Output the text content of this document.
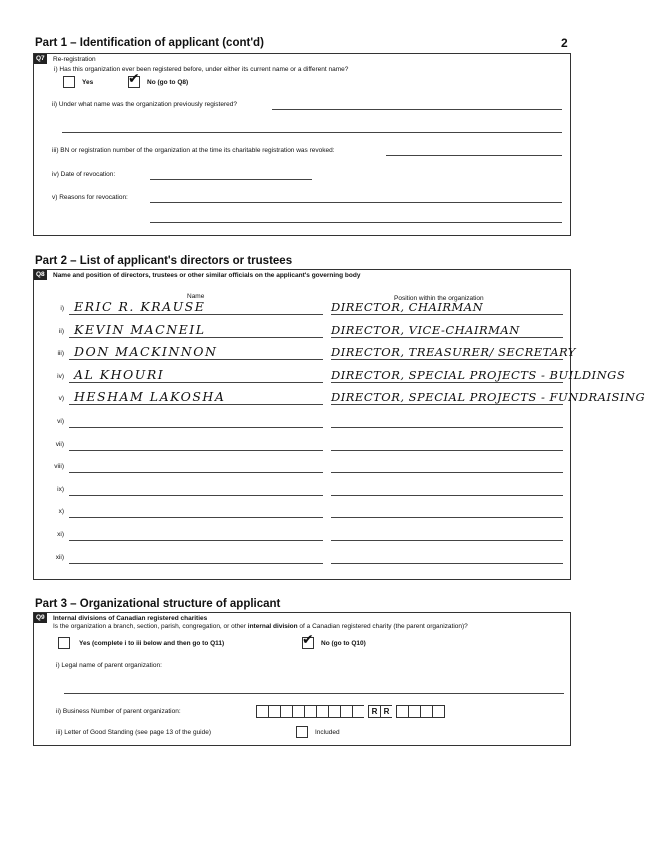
Part 1 – Identification of applicant (cont'd)	2
Q7	Re-registration
i) Has this organization ever been registered before, under either its current name or a different name?
Yes ✔ No (go to Q8)
ii) Under what name was the organization previously registered?
iii) BN or registration number of the organization at the time its charitable registration was revoked:
iv) Date of revocation:
v) Reasons for revocation:
Part 2 – List of applicant's directors or trustees
Q8	Name and position of directors, trustees or other similar officials on the applicant's governing body
Name	Position within the organization
i) ERIC R. KRAUSE	DIRECTOR, CHAIRMAN
ii) KEVIN MACNEIL	DIRECTOR, VICE-CHAIRMAN
iii) DON MACKINNON	DIRECTOR, TREASURER/ SECRETARY
iv) AL KHOURI	DIRECTOR, SPECIAL PROJECTS - BUILDINGS
v) HESHAM LAKOSHA	DIRECTOR, SPECIAL PROJECTS - FUNDRAISING
vi)
vii)
viii)
ix)
x)
xi)
xii)
Part 3 – Organizational structure of applicant
Q9	Internal divisions of Canadian registered charities
Is the organization a branch, section, parish, congregation, or other internal division of a Canadian registered charity (the parent organization)?
Yes (complete i to iii below and then go to Q11)	✔ No (go to Q10)
i) Legal name of parent organization:
ii) Business Number of parent organization:	R R
iii) Letter of Good Standing (see page 13 of the guide)	Included
